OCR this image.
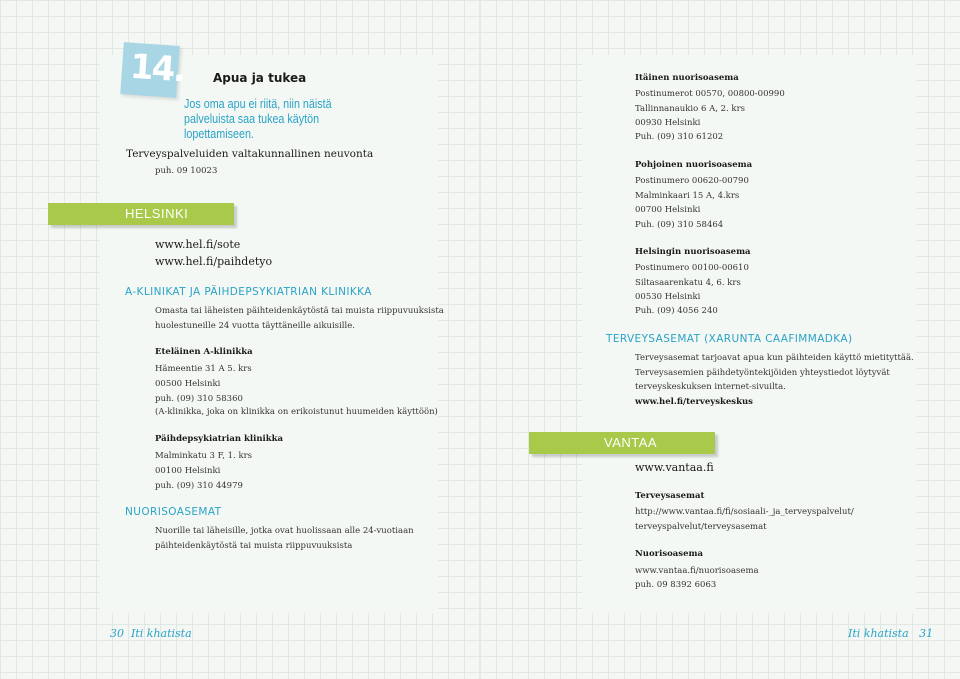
14. Apua ja tukea

Jos oma apu ei riitä, niin näistä palveluista saa tukea käytön lopettamiseen.

Terveyspalveluiden valtakunnallinen neuvonta

puh. 09 10023

HELSINKI

www.hel.fi/sote

www.hel.fi/paihdetyo

A-KLINIKAT JA PÄIHDEPSYKIATRIAN KLINIKKA

Omasta tai läheisten päihteidenkäytöstä tai muista riippuvuuksista

huolestuneille 24 vuotta täyttäneille aikuisille.

Eteläinen A-klinikka

Hämeentie 31 A 5. krs

00500 Helsinki

puh. (09) 310 58360

(A-klinikka, joka on klinikka on erikoistunut huumeiden käyttöön)

Päihdepsykiatrian klinikka

Malminkatu 3 F, 1. krs

00100 Helsinki

puh. (09) 310 44979

NUORISOASEMAT

Nuorille tai läheisille, jotka ovat huolissaan alle 24-vuotiaan

päihteidenkäytöstä tai muista riippuvuuksista

30 Iti khatista

Itäinen nuorisoasema

Postinumerot 00570, 00800-00990

Tallinnanaukio 6 A, 2. krs

00930 Helsinki

Puh. (09) 310 61202

Pohjoinen nuorisoasema

Postinumero 00620-00790

Malminkaari 15 A, 4.krs

00700 Helsinki

Puh. (09) 310 58464

Helsingin nuorisoasema

Postinumero 00100-00610

Siltasaarenkatu 4, 6. krs

00530 Helsinki

Puh. (09) 4056 240

TERVEYSASEMAT (XARUNTA CAAFIMMADKA)

Terveysasemat tarjoavat apua kun päihteiden käyttö mietityttää.

Terveysasemien päihdetyöntekijöiden yhteystiedot löytyvät

terveyskeskuksen internet-sivuilta.

www.hel.fi/terveyskeskus

VANTAA

www.vantaa.fi

Terveysasemat

http://www.vantaa.fi/fi/sosiaali-_ja_terveyspalvelut/

terveyspalvelut/terveysasemat

Nuorisoasema

www.vantaa.fi/nuorisoasema

puh. 09 8392 6063

Iti khatista 31
